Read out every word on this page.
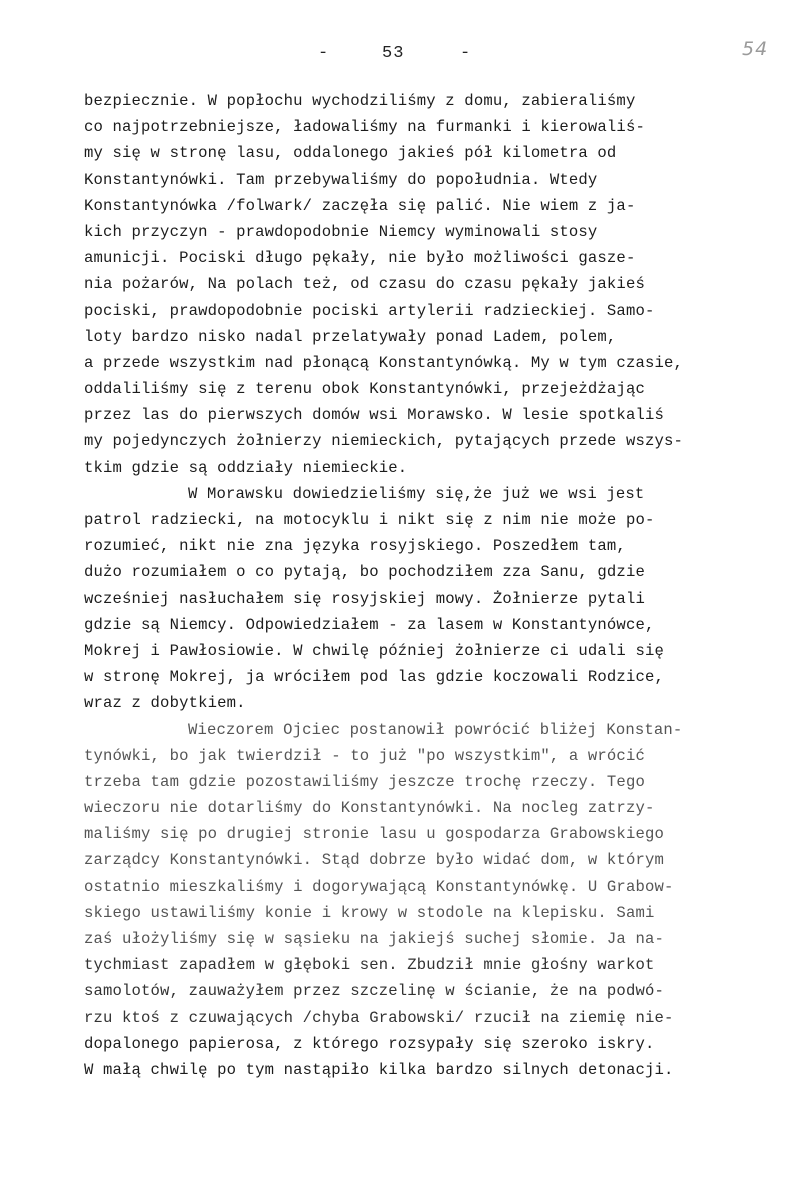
-	53	-	54
bezpiecznie. W popłochu wychodziliśmy z domu, zabieraliśmy
co najpotrzebniejsze, ładowaliśmy na furmanki i kierowaliś-
my się w stronę lasu, oddalonego jakieś pół kilometra od
Konstantynówki. Tam przebywaliśmy do popołudnia. Wtedy
Konstantynówka /folwark/ zaczęła się palić. Nie wiem z ja-
kich przyczyn - prawdopodobnie Niemcy wyminowali stosy
amunicji. Pociski długo pękały, nie było możliwości gasze-
nia pożarów, Na polach też, od czasu do czasu pękały jakieś
pociski, prawdopodobnie pociski artylerii radzieckiej. Samo-
loty bardzo nisko nadal przelatywały ponad Ladem, polem,
a przede wszystkim nad płonącą Konstantynówką. My w tym czasie,
oddaliliśmy się z terenu obok Konstantynówki, przejeżdżając
przez las do pierwszych domów wsi Morawsko. W lesie spotkaliś
my pojedynczych żołnierzy niemieckich, pytających przede wszys-
tkim gdzie są oddziały niemieckie.
W Morawsku dowiedzieliśmy się,że już we wsi jest
patrol radziecki, na motocyklu i nikt się z nim nie może po-
rozumieć, nikt nie zna języka rosyjskiego. Poszedłem tam,
dużo rozumiałem o co pytają, bo pochodziłem zza Sanu, gdzie
wcześniej nasłuchałem się rosyjskiej mowy. Żołnierze pytali
gdzie są Niemcy. Odpowiedziałem - za lasem w Konstantynówce,
Mokrej i Pawłosiowie. W chwilę później żołnierze ci udali się
w stronę Mokrej, ja wróciłem pod las gdzie koczowali Rodzice,
wraz z dobytkiem.
Wieczorem Ojciec postanowił powrócić bliżej Konstan-
tynówki, bo jak twierdził - to już "po wszystkim", a wrócić
trzeba tam gdzie pozostawiliśmy jeszcze trochę rzeczy. Tego
wieczoru nie dotarliśmy do Konstantynówki. Na nocleg zatrzy-
maliśmy się po drugiej stronie lasu u gospodarza Grabowskiego
zarządcy Konstantynówki. Stąd dobrze było widać dom, w którym
ostatnio mieszkaliśmy i dogorywającą Konstantynówkę. U Grabow-
skiego ustawiliśmy konie i krowy w stodole na klepisku. Sami
zaś ułożyliśmy się w sąsieku na jakiejś suchej słomie. Ja na-
tychmiast zapadłem w głęboki sen. Zbudził mnie głośny warkot
samolotów, zauważyłem przez szczelinę w ścianie, że na podwó-
rzu ktoś z czuwających /chyba Grabowski/ rzucił na ziemię nie-
dopalonego papierosa, z którego rozsypały się szeroko iskry.
W małą chwilę po tym nastąpiło kilka bardzo silnych detonacji.
